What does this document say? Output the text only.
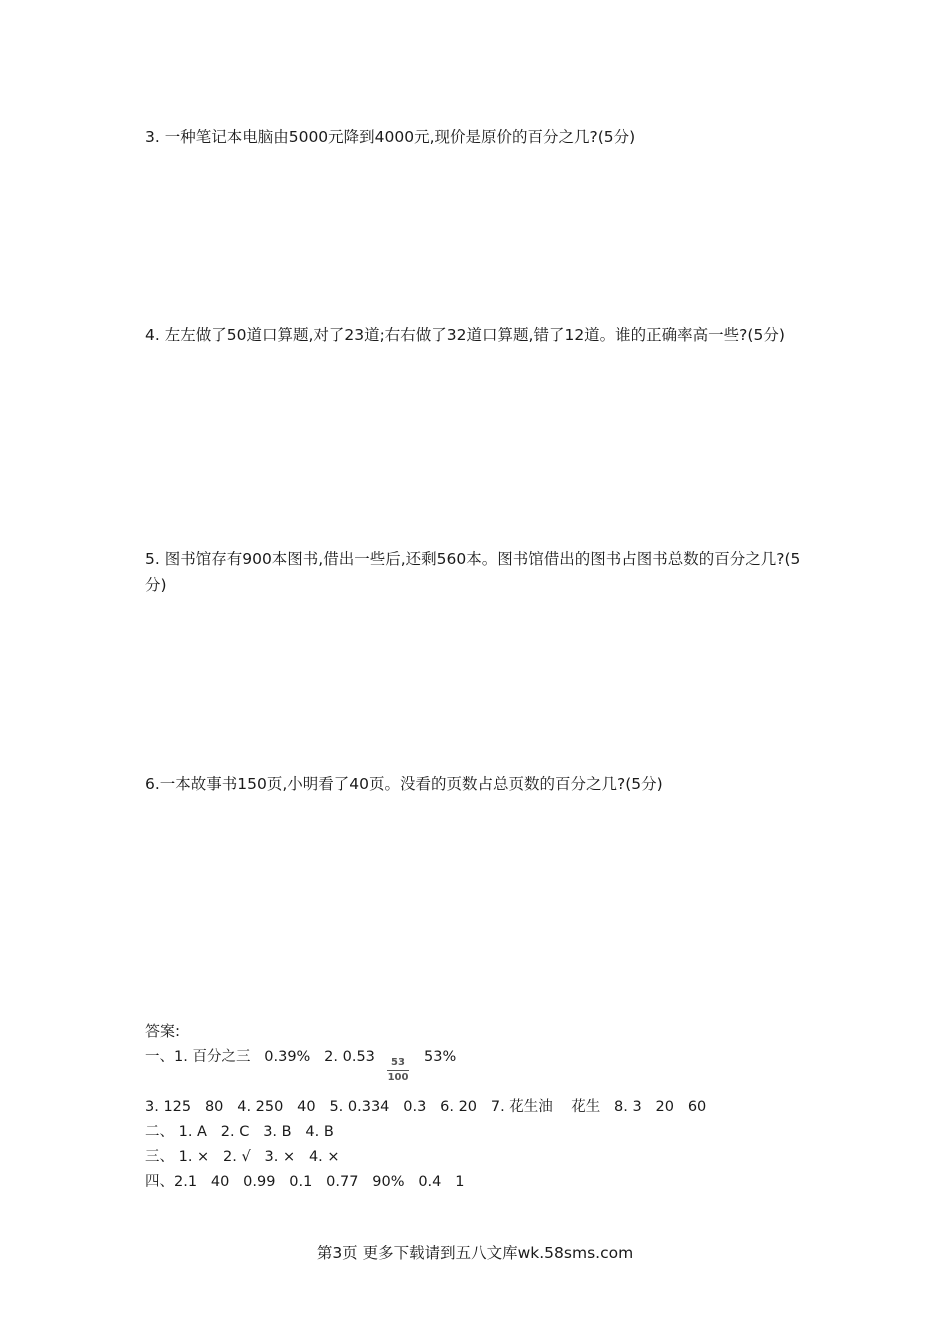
3. 一种笔记本电脑由5000元降到4000元,现价是原价的百分之几?(5分)

4. 左左做了50道口算题,对了23道;右右做了32道口算题,错了12道。谁的正确率高一些?(5分)

5. 图书馆存有900本图书,借出一些后,还剩560本。图书馆借出的图书占图书总数的百分之几?(5分)

6.一本故事书150页,小明看了40页。没看的页数占总页数的百分之几?(5分)

答案:
一、1. 百分之三   0.39%   2. 0.53	53
100
53%
3. 125   80   4. 250   40   5. 0.334   0.3   6. 20   7. 花生油    花生   8. 3   20   60
二、 1. A   2. C   3. B   4. B
三、 1. ×   2. √   3. ×   4. ×
四、2.1   40   0.99   0.1   0.77   90%   0.4   1
第3页 更多下载请到五八文库wk.58sms.com
